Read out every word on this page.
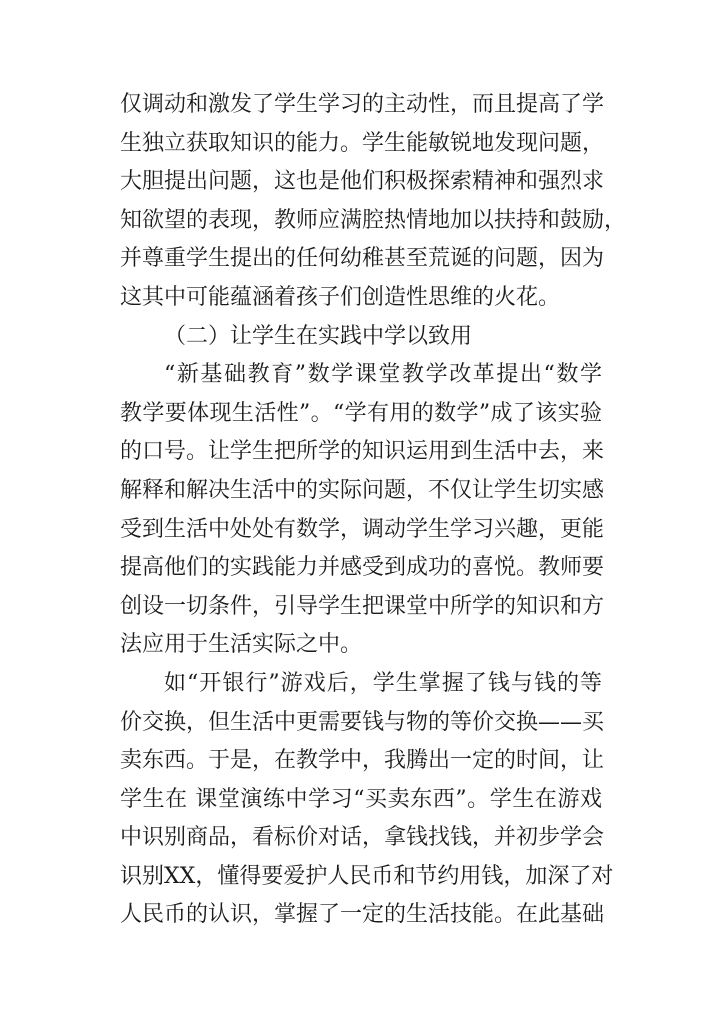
仅调动和激发了学生学习的主动性，而且提高了学
生独立获取知识的能力。学生能敏锐地发现问题，
大胆提出问题，这也是他们积极探索精神和强烈求
知欲望的表现，教师应满腔热情地加以扶持和鼓励，
并尊重学生提出的任何幼稚甚至荒诞的问题，因为
这其中可能蕴涵着孩子们创造性思维的火花。
（二）让学生在实践中学以致用
“新基础教育”数学课堂教学改革提出“数学
教学要体现生活性”。“学有用的数学”成了该实验
的口号。让学生把所学的知识运用到生活中去，来
解释和解决生活中的实际问题，不仅让学生切实感
受到生活中处处有数学，调动学生学习兴趣，更能
提高他们的实践能力并感受到成功的喜悦。教师要
创设一切条件，引导学生把课堂中所学的知识和方
法应用于生活实际之中。
如“开银行”游戏后，学生掌握了钱与钱的等
价交换，但生活中更需要钱与物的等价交换——买
卖东西。于是，在教学中，我腾出一定的时间，让
学生在 课堂演练中学习“买卖东西”。学生在游戏
中识别商品，看标价对话，拿钱找钱，并初步学会
识别XX，懂得要爱护人民币和节约用钱，加深了对
人民币的认识，掌握了一定的生活技能。在此基础
